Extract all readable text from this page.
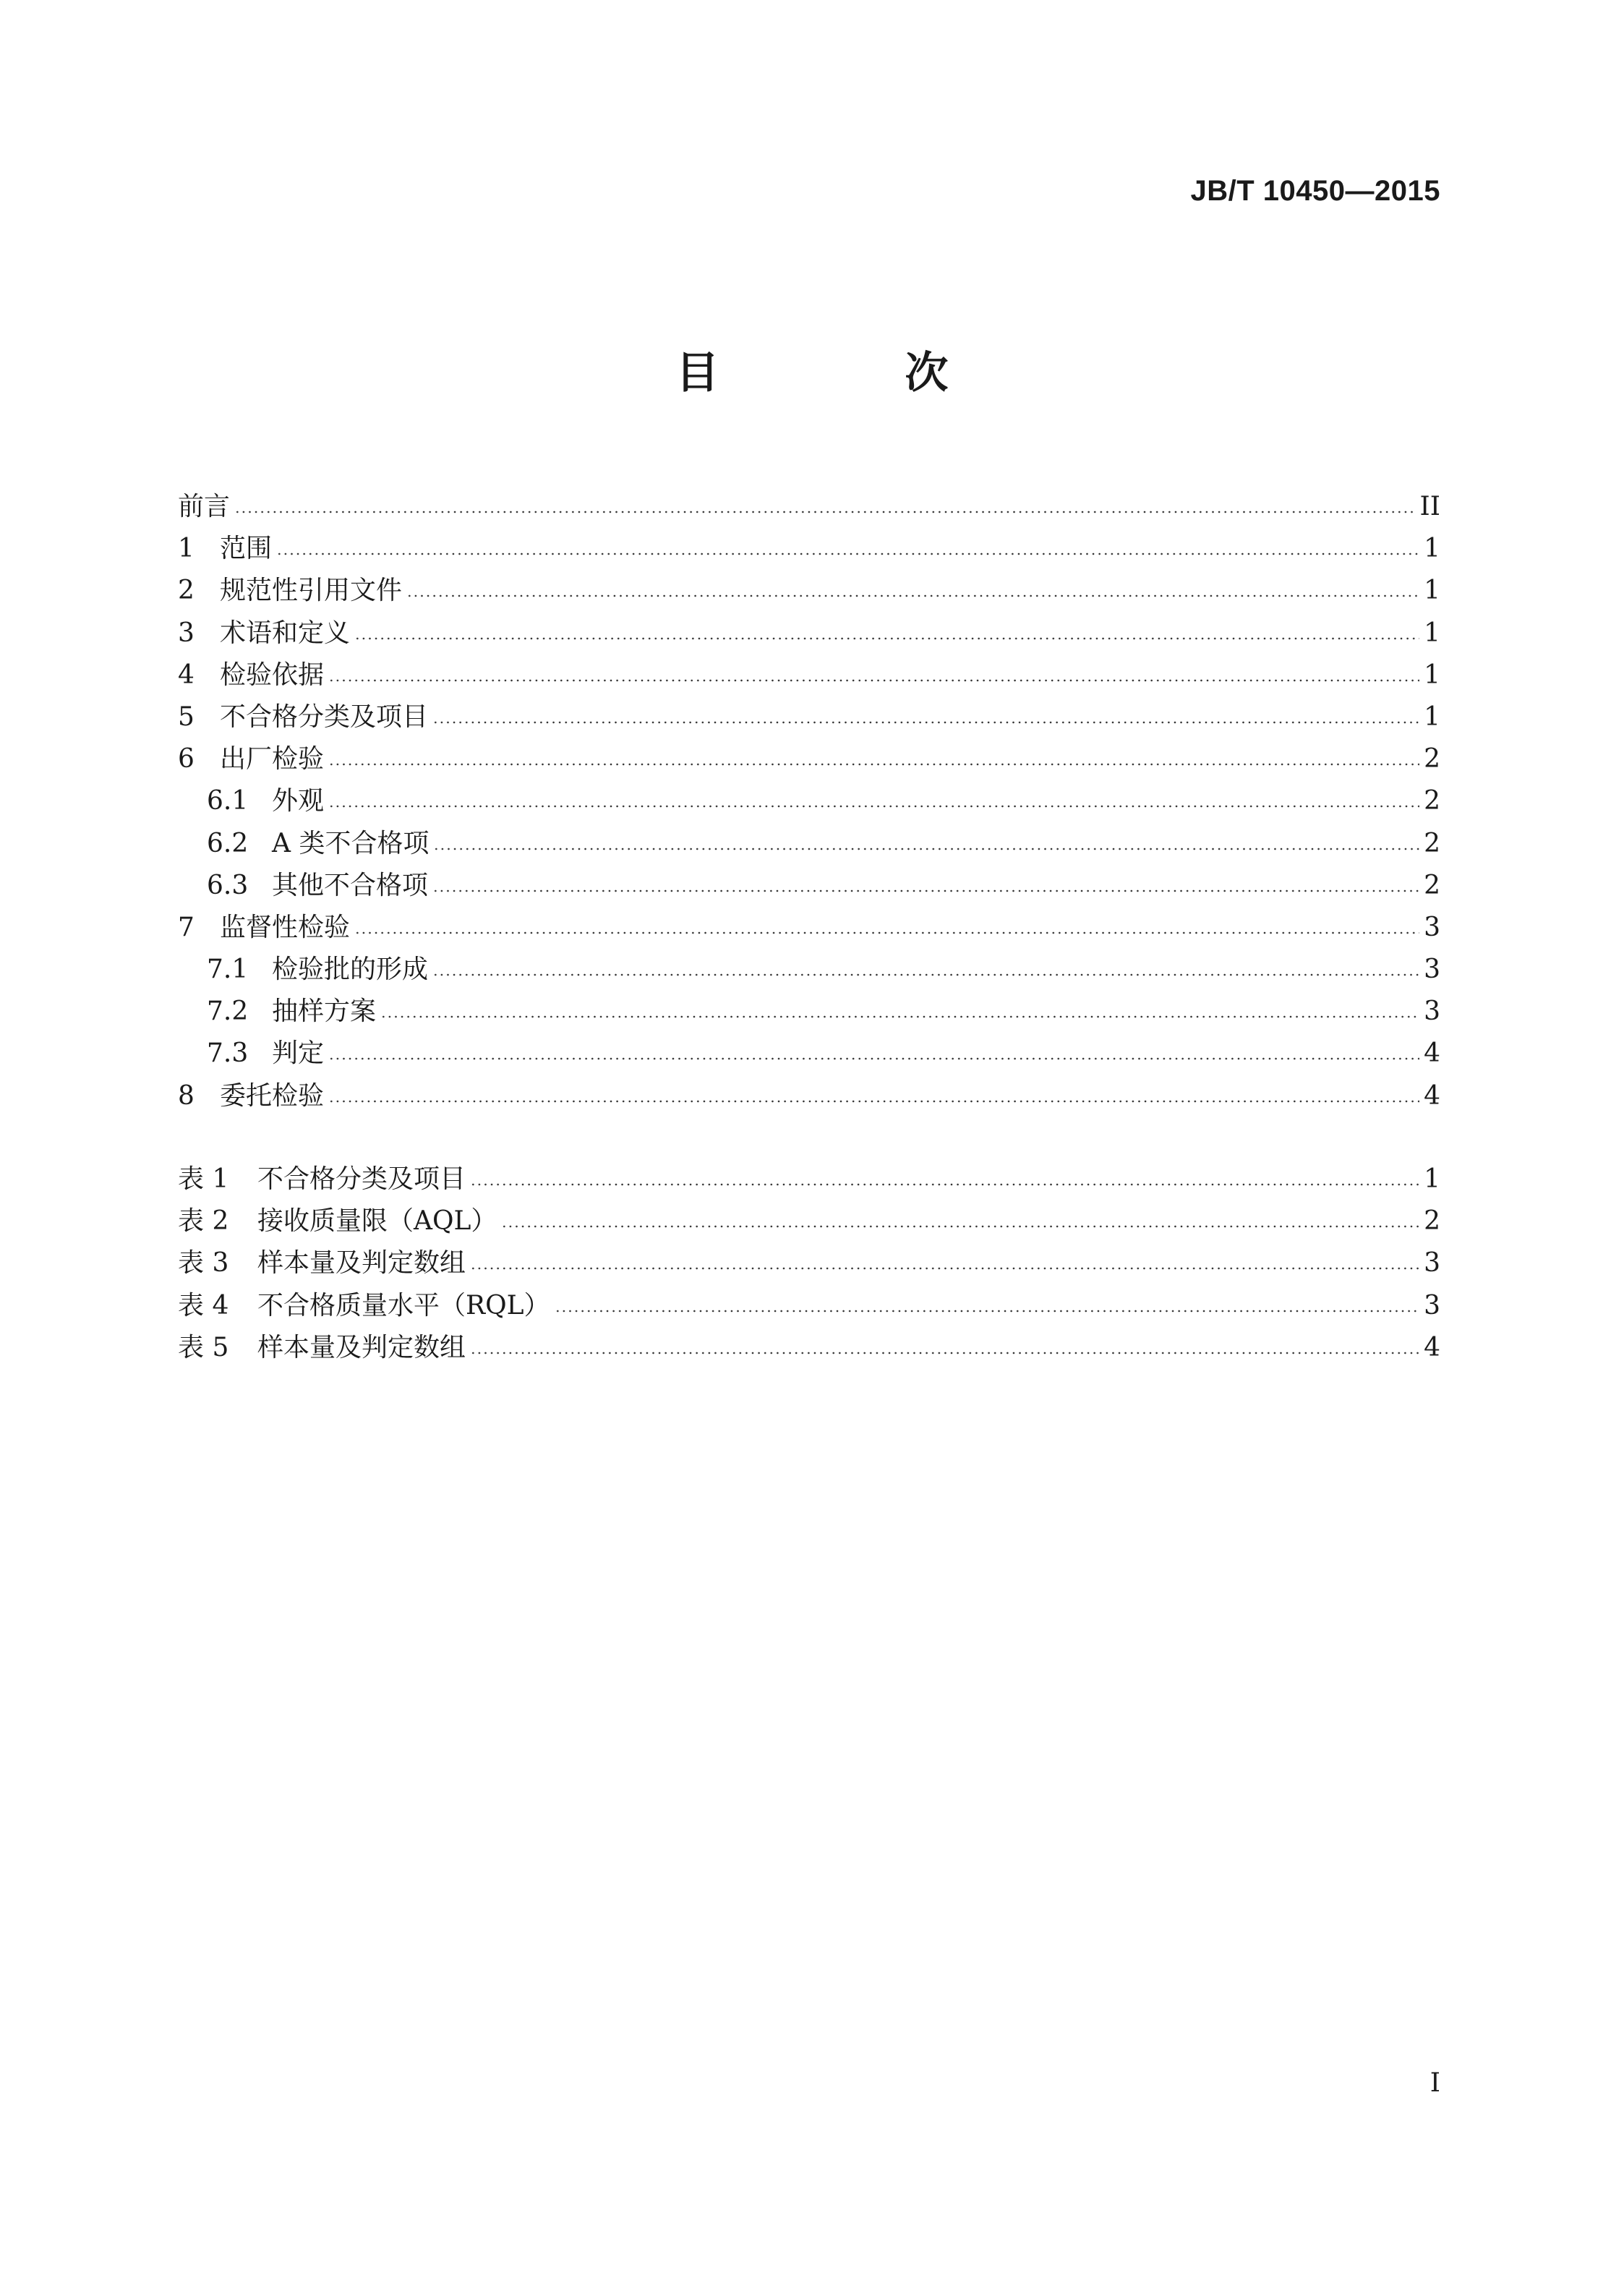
JB/T 10450—2015
目 次
前言	II
1 范围	1
2 规范性引用文件	1
3 术语和定义	1
4 检验依据	1
5 不合格分类及项目	1
6 出厂检验	2
6.1 外观	2
6.2 A 类不合格项	2
6.3 其他不合格项	2
7 监督性检验	3
7.1 检验批的形成	3
7.2 抽样方案	3
7.3 判定	4
8 委托检验	4
表 1	不合格分类及项目	1
表 2	接收质量限（AQL）	2
表 3	样本量及判定数组	3
表 4	不合格质量水平（RQL）	3
表 5	样本量及判定数组	4
I
